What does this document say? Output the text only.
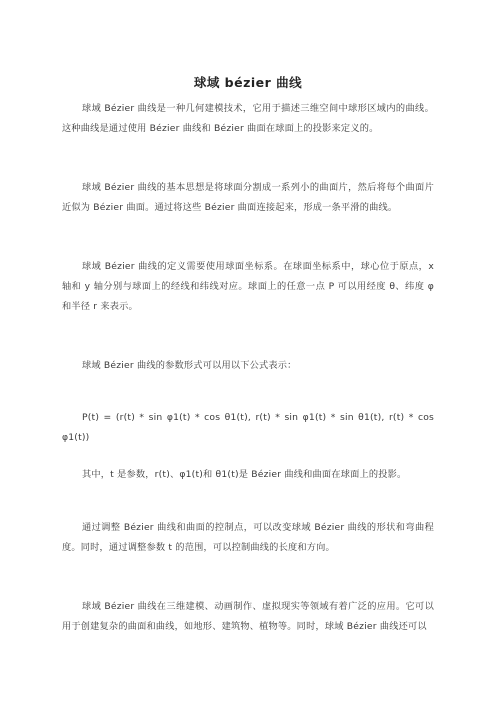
球域 bézier 曲线

球域 Bézier 曲线是一种几何建模技术，它用于描述三维空间中球形区域内的曲线。这种曲线是通过使用 Bézier 曲线和 Bézier 曲面在球面上的投影来定义的。

球域 Bézier 曲线的基本思想是将球面分割成一系列小的曲面片，然后将每个曲面片近似为 Bézier 曲面。通过将这些 Bézier 曲面连接起来，形成一条平滑的曲线。

球域 Bézier 曲线的定义需要使用球面坐标系。在球面坐标系中，球心位于原点，x 轴和 y 轴分别与球面上的经线和纬线对应。球面上的任意一点 P 可以用经度 θ、纬度 φ 和半径 r 来表示。

球域 Bézier 曲线的参数形式可以用以下公式表示：

P(t) = (r(t) * sin φ1(t) * cos θ1(t), r(t) * sin φ1(t) * sin θ1(t), r(t) * cos φ1(t))

其中，t 是参数，r(t)、φ1(t)和 θ1(t)是 Bézier 曲线和曲面在球面上的投影。

通过调整 Bézier 曲线和曲面的控制点，可以改变球域 Bézier 曲线的形状和弯曲程度。同时，通过调整参数 t 的范围，可以控制曲线的长度和方向。

球域 Bézier 曲线在三维建模、动画制作、虚拟现实等领域有着广泛的应用。它可以用于创建复杂的曲面和曲线，如地形、建筑物、植物等。同时，球域 Bézier 曲线还可以
